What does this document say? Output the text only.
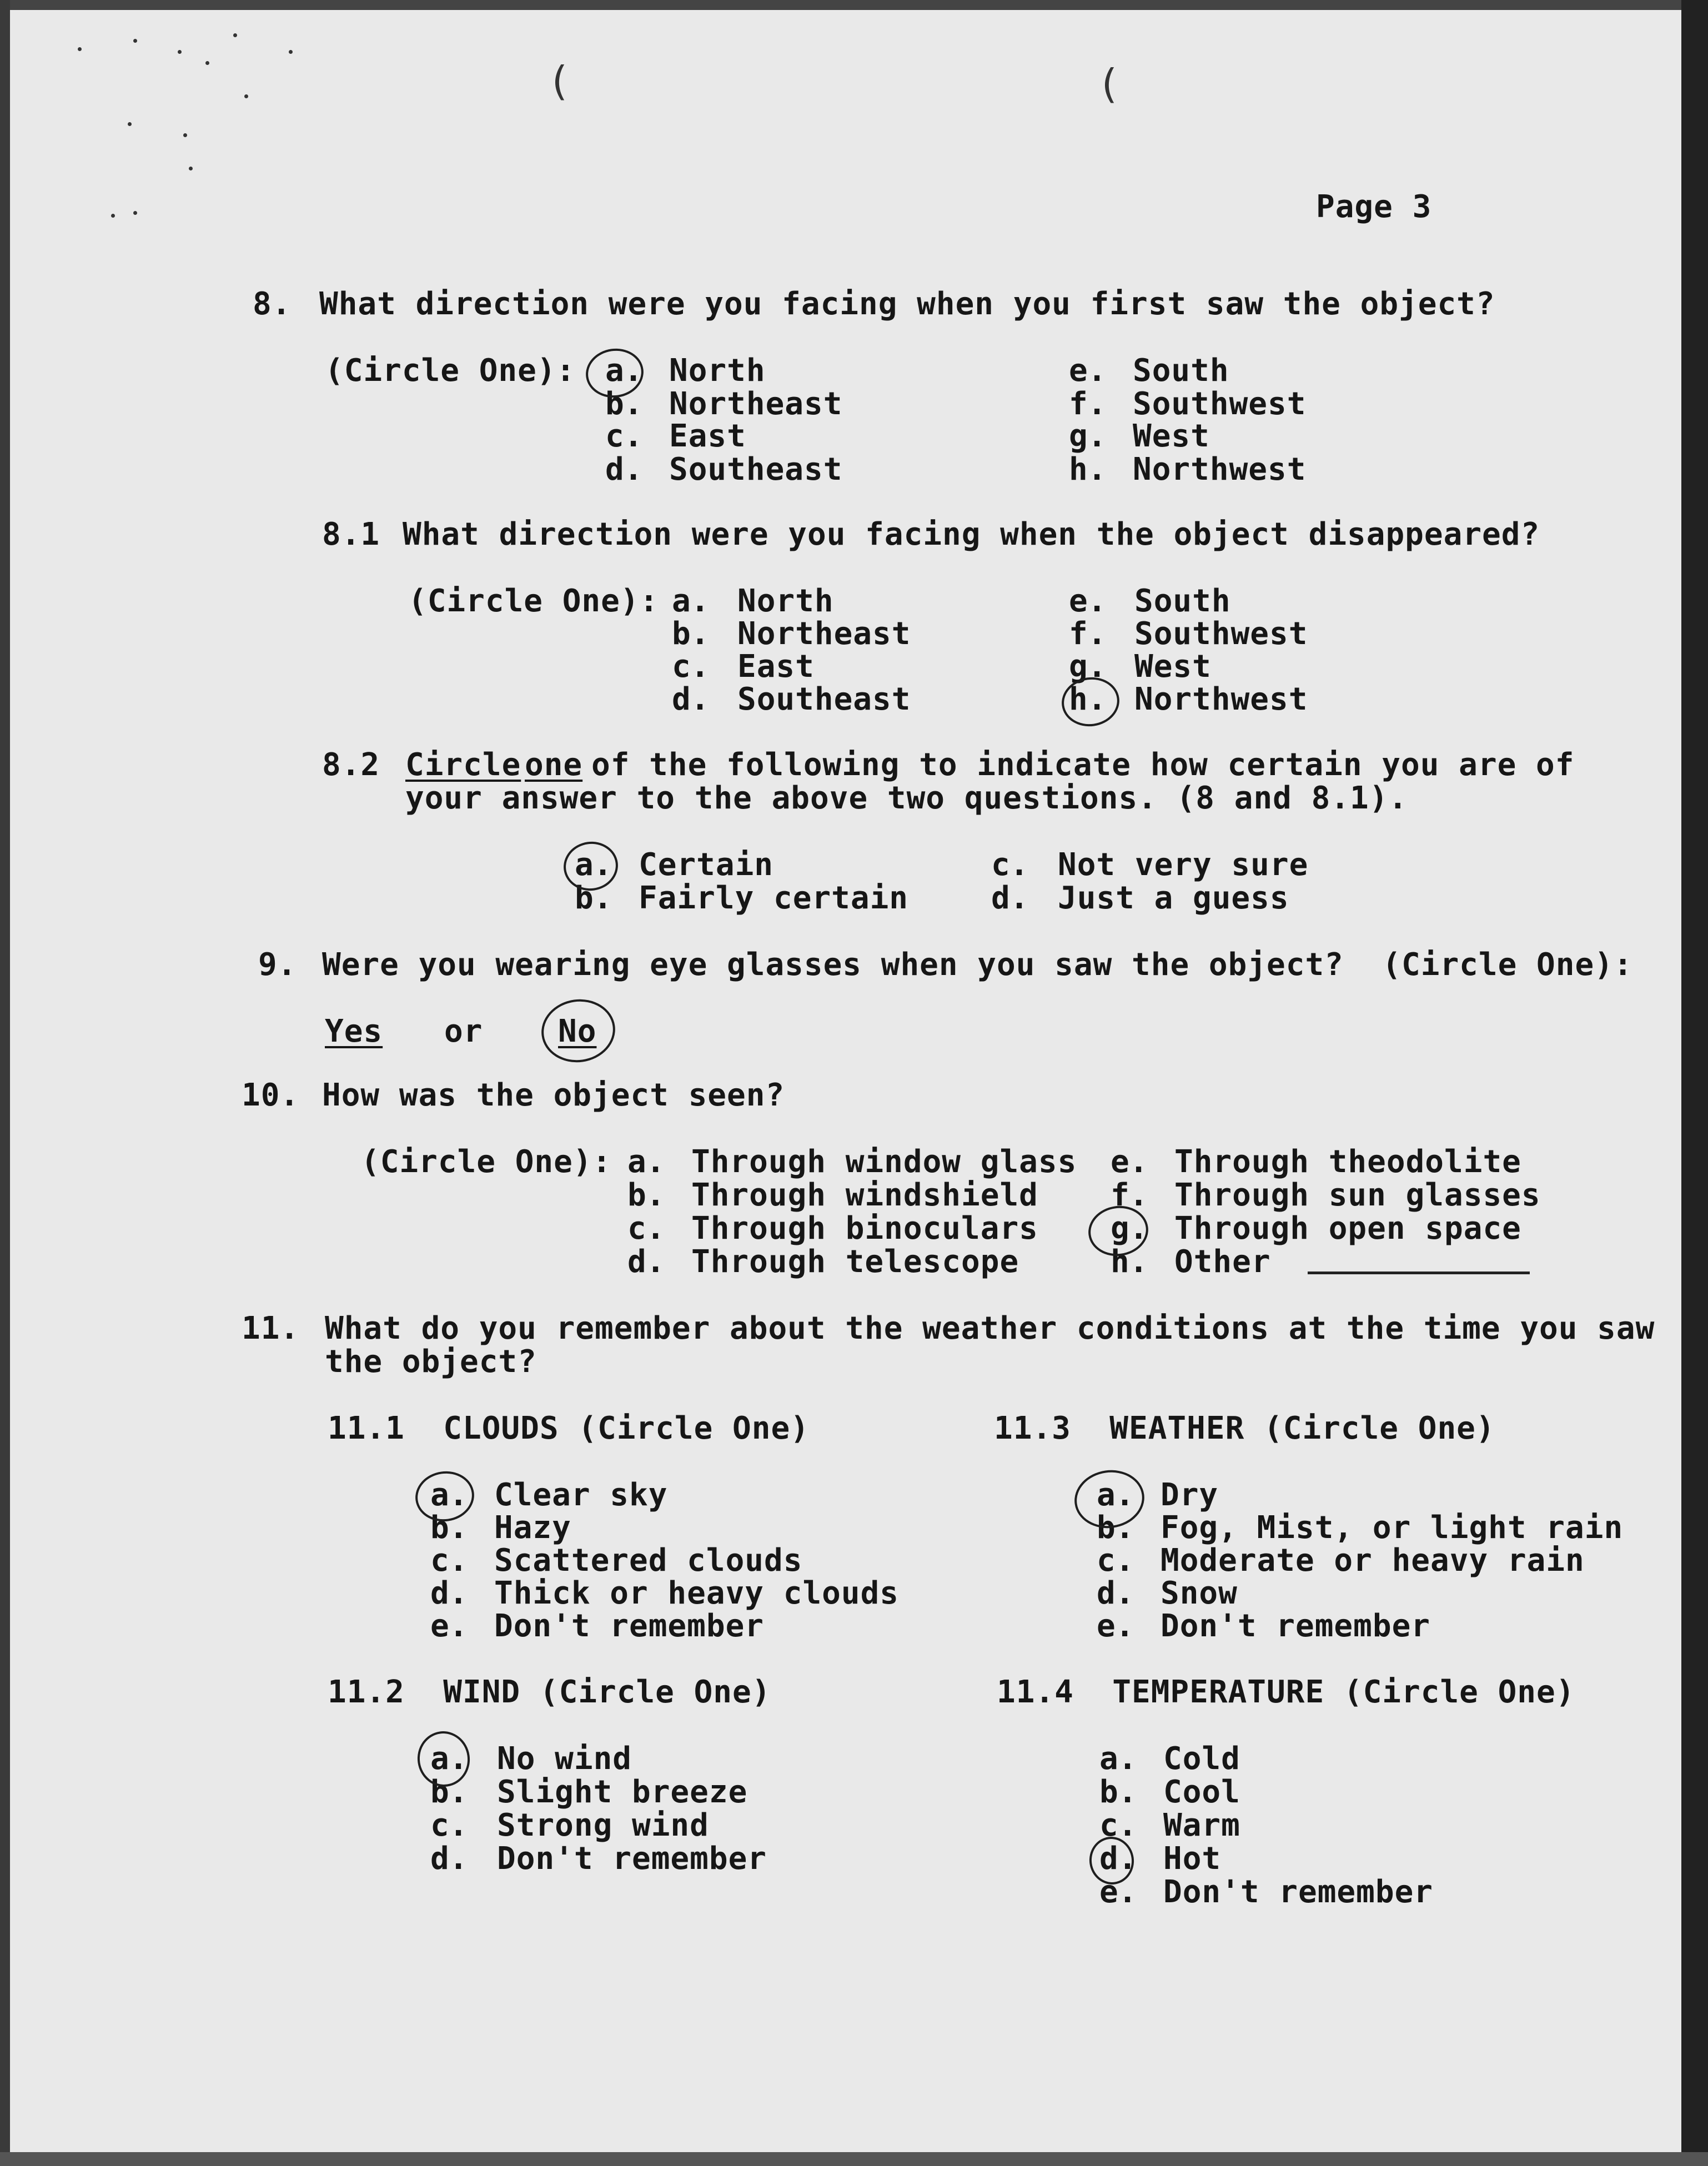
(	(
Page 3
8. What direction were you facing when you first saw the object?
(Circle One): a. North
b. Northeast
c. East
d. Southeast
e. South
f. Southwest
g. West
h. Northwest
8.1 What direction were you facing when the object disappeared?
(Circle One): a. North
b. Northeast
c. East
d. Southeast
e. South
f. Southwest
g. West
h. Northwest
8.2 Circle one of the following to indicate how certain you are of
your answer to the above two questions. (8 and 8.1).
a. Certain
b. Fairly certain
c. Not very sure
d. Just a guess
9. Were you wearing eye glasses when you saw the object?  (Circle One):
Yes or No
10. How was the object seen?
(Circle One): a. Through window glass
b. Through windshield
c. Through binoculars
d. Through telescope
e. Through theodolite
f. Through sun glasses
g. Through open space
h. Other
11. What do you remember about the weather conditions at the time you saw
the object?
11.1  CLOUDS (Circle One)
a. Clear sky
b. Hazy
c. Scattered clouds
d. Thick or heavy clouds
e. Don't remember
11.3  WEATHER (Circle One)
a. Dry
b. Fog, Mist, or light rain
c. Moderate or heavy rain
d. Snow
e. Don't remember
11.2  WIND (Circle One)
a. No wind
b. Slight breeze
c. Strong wind
d. Don't remember
11.4  TEMPERATURE (Circle One)
a. Cold
b. Cool
c. Warm
d. Hot
e. Don't remember
